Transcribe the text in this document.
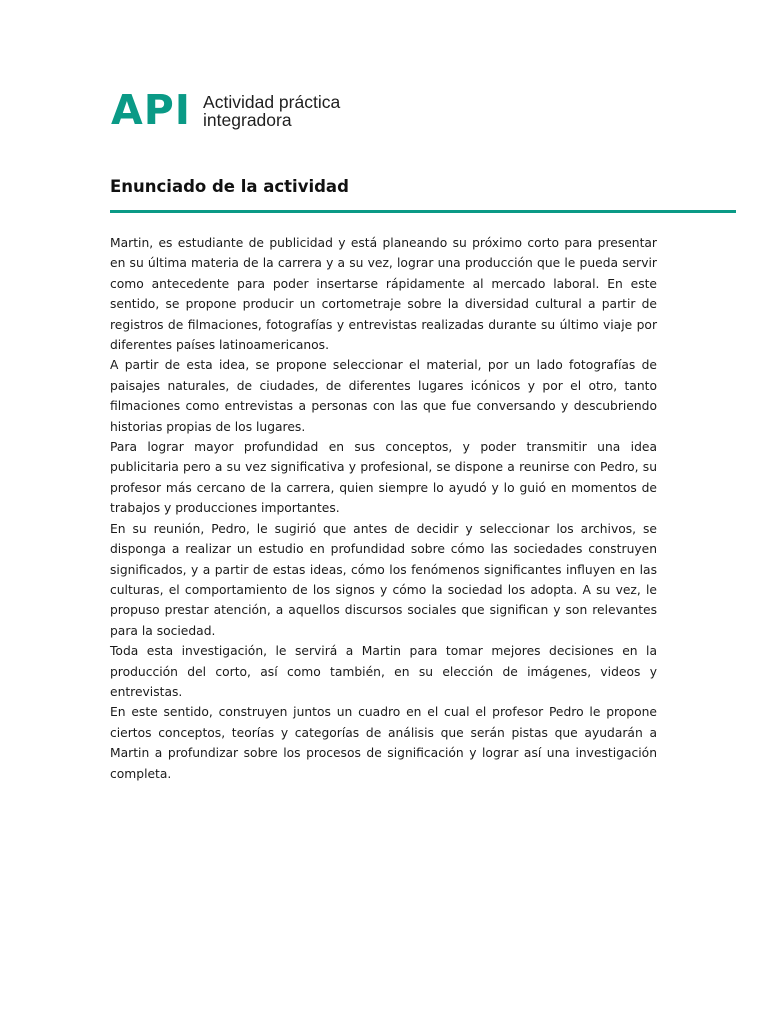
API Actividad práctica
integradora
Enunciado de la actividad

Martin, es estudiante de publicidad y está planeando su próximo corto para presentar en su última materia de la carrera y a su vez, lograr una producción que le pueda servir como antecedente para poder insertarse rápidamente al mercado laboral. En este sentido, se propone producir un cortometraje sobre la diversidad cultural a partir de registros de filmaciones, fotografías y entrevistas realizadas durante su último viaje por diferentes países latinoamericanos.

A partir de esta idea, se propone seleccionar el material, por un lado fotografías de paisajes naturales, de ciudades, de diferentes lugares icónicos y por el otro, tanto filmaciones como entrevistas a personas con las que fue conversando y descubriendo historias propias de los lugares.

Para lograr mayor profundidad en sus conceptos, y poder transmitir una idea publicitaria pero a su vez significativa y profesional, se dispone a reunirse con Pedro, su profesor más cercano de la carrera, quien siempre lo ayudó y lo guió en momentos de trabajos y producciones importantes.

En su reunión, Pedro, le sugirió que antes de decidir y seleccionar los archivos, se disponga a realizar un estudio en profundidad sobre cómo las sociedades construyen significados, y a partir de estas ideas, cómo los fenómenos significantes influyen en las culturas, el comportamiento de los signos y cómo la sociedad los adopta. A su vez, le propuso prestar atención, a aquellos discursos sociales que significan y son relevantes para la sociedad.

Toda esta investigación, le servirá a Martin para tomar mejores decisiones en la producción del corto, así como también, en su elección de imágenes, videos y entrevistas.

En este sentido, construyen juntos un cuadro en el cual el profesor Pedro le propone ciertos conceptos, teorías y categorías de análisis que serán pistas que ayudarán a Martin a profundizar sobre los procesos de significación y lograr así una investigación completa.
